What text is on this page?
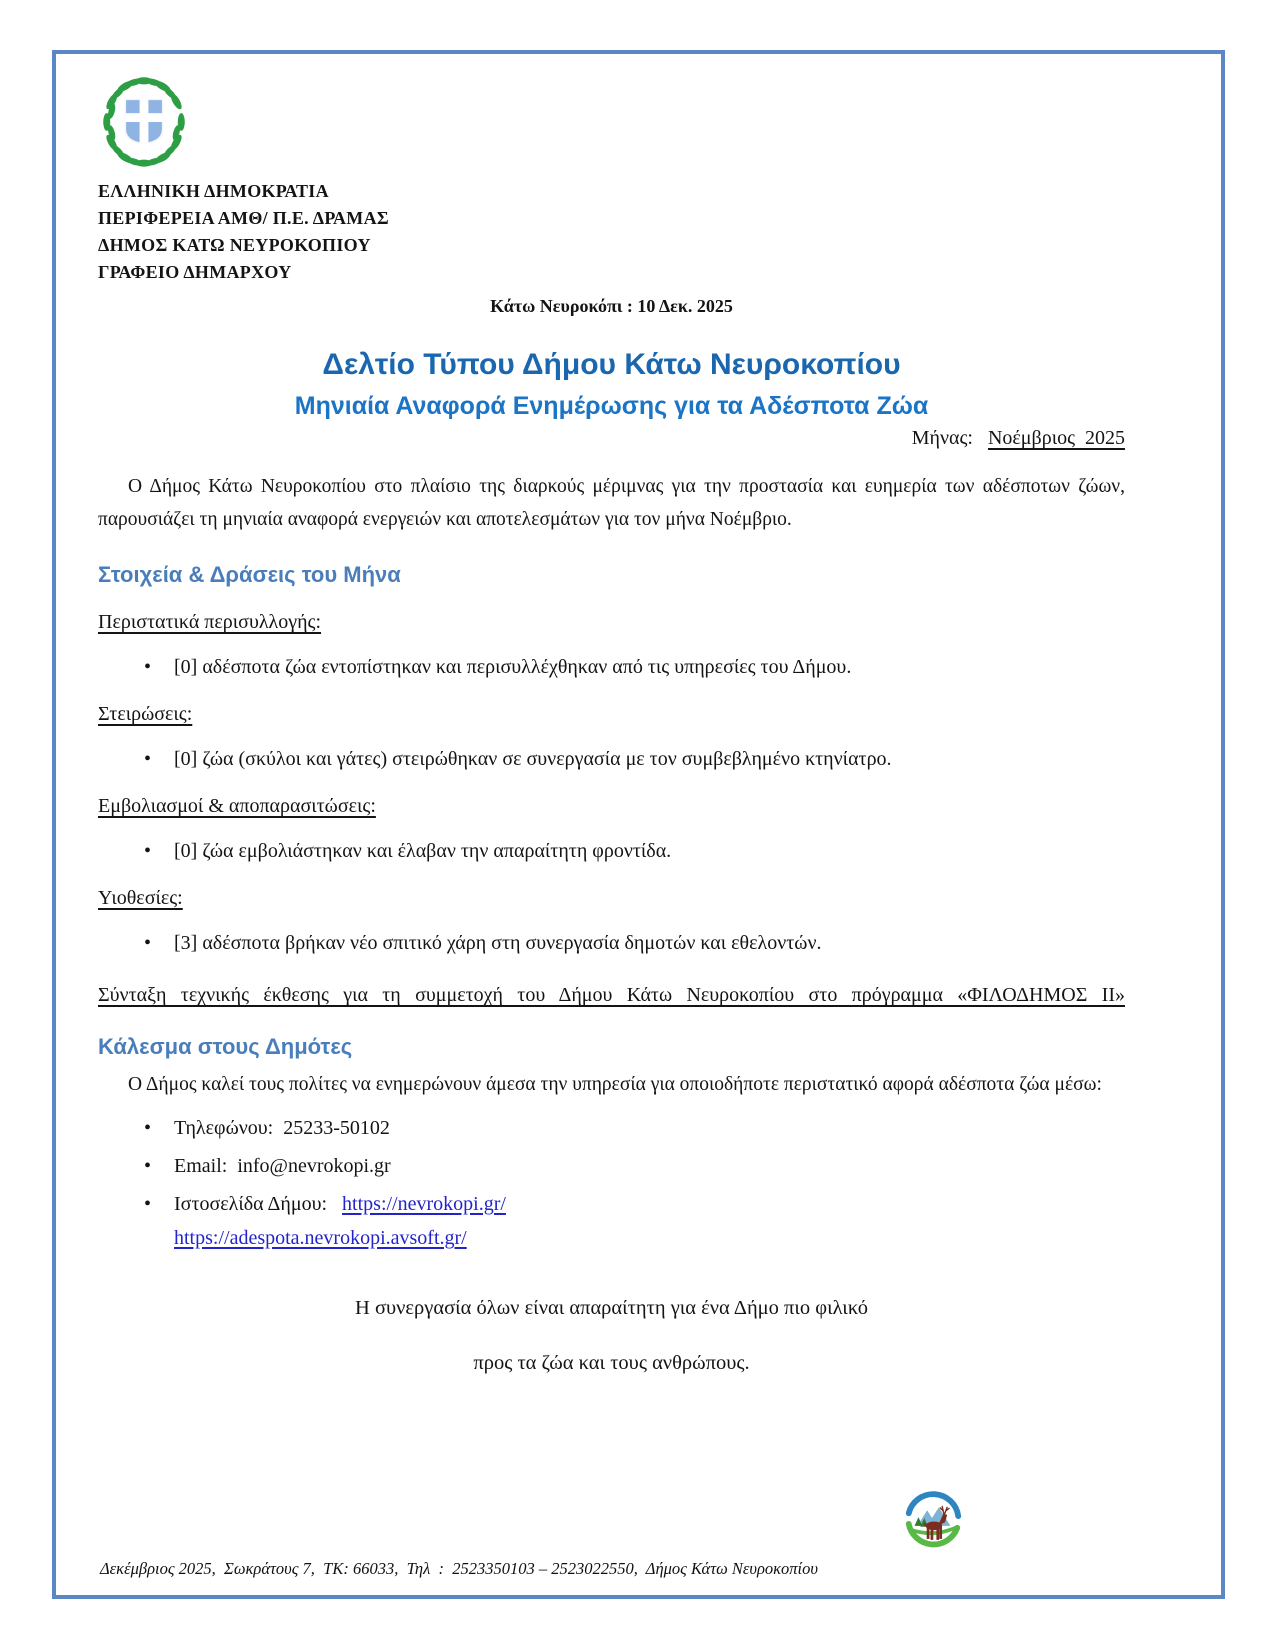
ΕΛΛΗΝΙΚΗ ΔΗΜΟΚΡΑΤΙΑ
ΠΕΡΙΦΕΡΕΙΑ ΑΜΘ/ Π.Ε. ΔΡΑΜΑΣ
ΔΗΜΟΣ ΚΑΤΩ ΝΕΥΡΟΚΟΠΙΟΥ
ΓΡΑΦΕΙΟ ΔΗΜΑΡΧΟΥ
Κάτω Νευροκόπι : 10 Δεκ. 2025
Δελτίο Τύπου Δήμου Κάτω Νευροκοπίου
Μηνιαία Αναφορά Ενημέρωσης για τα Αδέσποτα Ζώα
Μήνας: Νοέμβριος  2025

Ο Δήμος Κάτω Νευροκοπίου στο πλαίσιο της διαρκούς μέριμνας για την προστασία και ευημερία των αδέσποτων ζώων, παρουσιάζει τη μηνιαία αναφορά ενεργειών και αποτελεσμάτων για τον μήνα Νοέμβριο.

Στοιχεία & Δράσεις του Μήνα
Περιστατικά περισυλλογής:
•
[0] αδέσποτα ζώα εντοπίστηκαν και περισυλλέχθηκαν από τις υπηρεσίες του Δήμου.
Στειρώσεις:
•
[0] ζώα (σκύλοι και γάτες) στειρώθηκαν σε συνεργασία με τον συμβεβλημένο κτηνίατρο.
Εμβολιασμοί & αποπαρασιτώσεις:
•
[0] ζώα εμβολιάστηκαν και έλαβαν την απαραίτητη φροντίδα.
Υιοθεσίες:
•
[3] αδέσποτα βρήκαν νέο σπιτικό χάρη στη συνεργασία δημοτών και εθελοντών.
Σύνταξη τεχνικής έκθεσης για τη συμμετοχή του Δήμου Κάτω Νευροκοπίου στο πρόγραμμα «ΦΙΛΟΔΗΜΟΣ ΙΙ»
Κάλεσμα στους Δημότες

Ο Δήμος καλεί τους πολίτες να ενημερώνουν άμεσα την υπηρεσία για οποιοδήποτε περιστατικό αφορά αδέσποτα ζώα μέσω:

•
Τηλεφώνου: 25233-50102
•
Email: info@nevrokopi.gr
•
Ιστοσελίδα Δήμου: https://nevrokopi.gr/
https://adespota.nevrokopi.avsoft.gr/

Η συνεργασία όλων είναι απαραίτητη για ένα Δήμο πιο φιλικό

προς τα ζώα και τους ανθρώπους.

Δεκέμβριος 2025,  Σωκράτους 7,  ΤΚ: 66033,  Τηλ  :  2523350103 – 2523022550,  Δήμος Κάτω Νευροκοπίου
